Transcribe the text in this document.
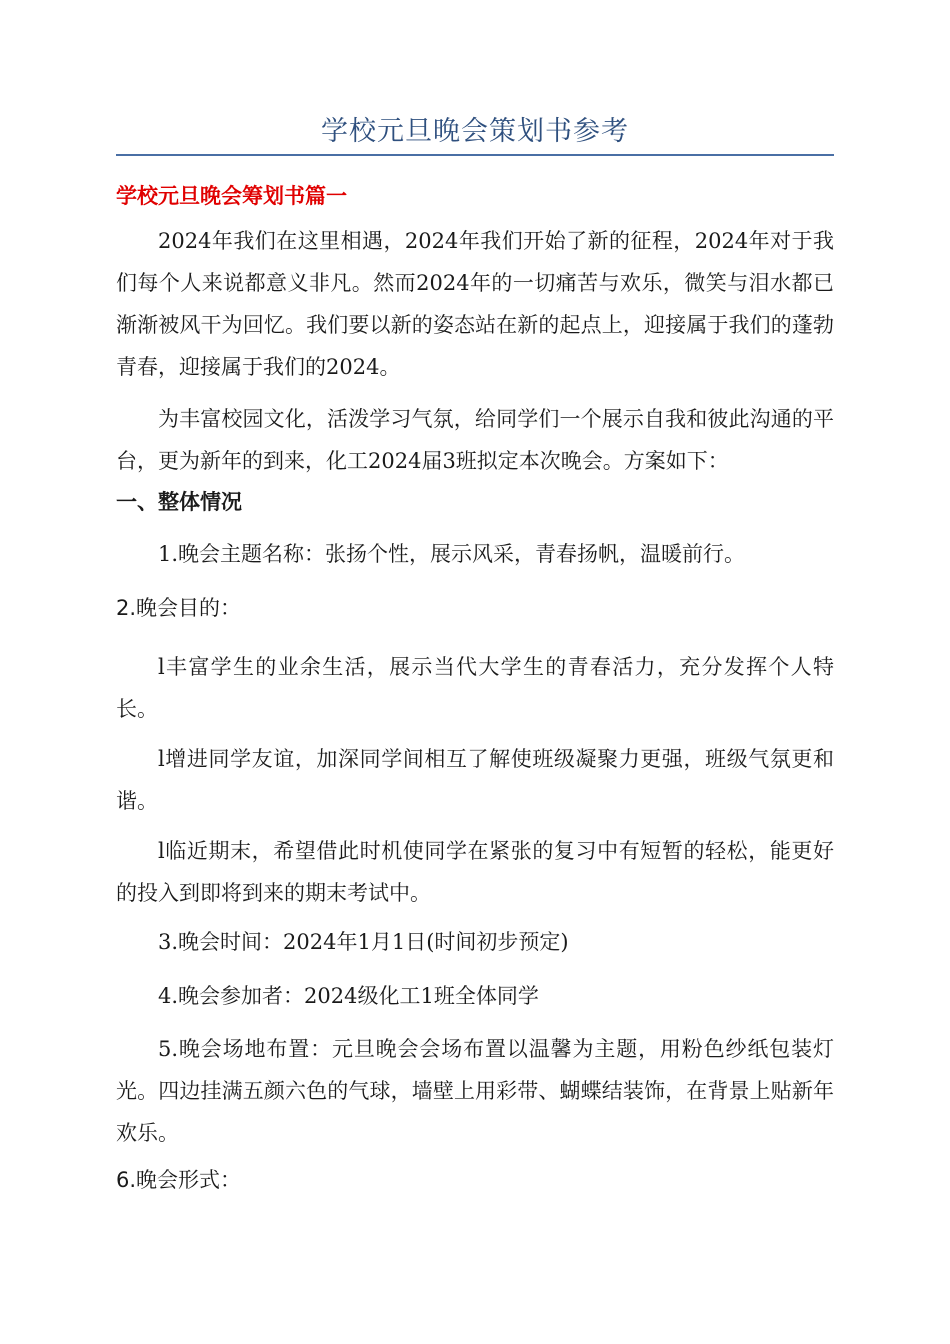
学校元旦晚会策划书参考
学校元旦晚会筹划书篇一

2024年我们在这里相遇，2024年我们开始了新的征程，2024年对于我们每个人来说都意义非凡。然而2024年的一切痛苦与欢乐，微笑与泪水都已渐渐被风干为回忆。我们要以新的姿态站在新的起点上，迎接属于我们的蓬勃青春，迎接属于我们的2024。

为丰富校园文化，活泼学习气氛，给同学们一个展示自我和彼此沟通的平台，更为新年的到来，化工2024届3班拟定本次晚会。方案如下：

一、整体情况
1.晚会主题名称：张扬个性，展示风采，青春扬帆，温暖前行。
2.晚会目的：

l丰富学生的业余生活，展示当代大学生的青春活力，充分发挥个人特长。

l增进同学友谊，加深同学间相互了解使班级凝聚力更强，班级气氛更和谐。

l临近期末，希望借此时机使同学在紧张的复习中有短暂的轻松，能更好的投入到即将到来的期末考试中。

3.晚会时间：2024年1月1日(时间初步预定)
4.晚会参加者：2024级化工1班全体同学

5.晚会场地布置：元旦晚会会场布置以温馨为主题，用粉色纱纸包装灯光。四边挂满五颜六色的气球，墙壁上用彩带、蝴蝶结装饰，在背景上贴新年欢乐。

6.晚会形式：
